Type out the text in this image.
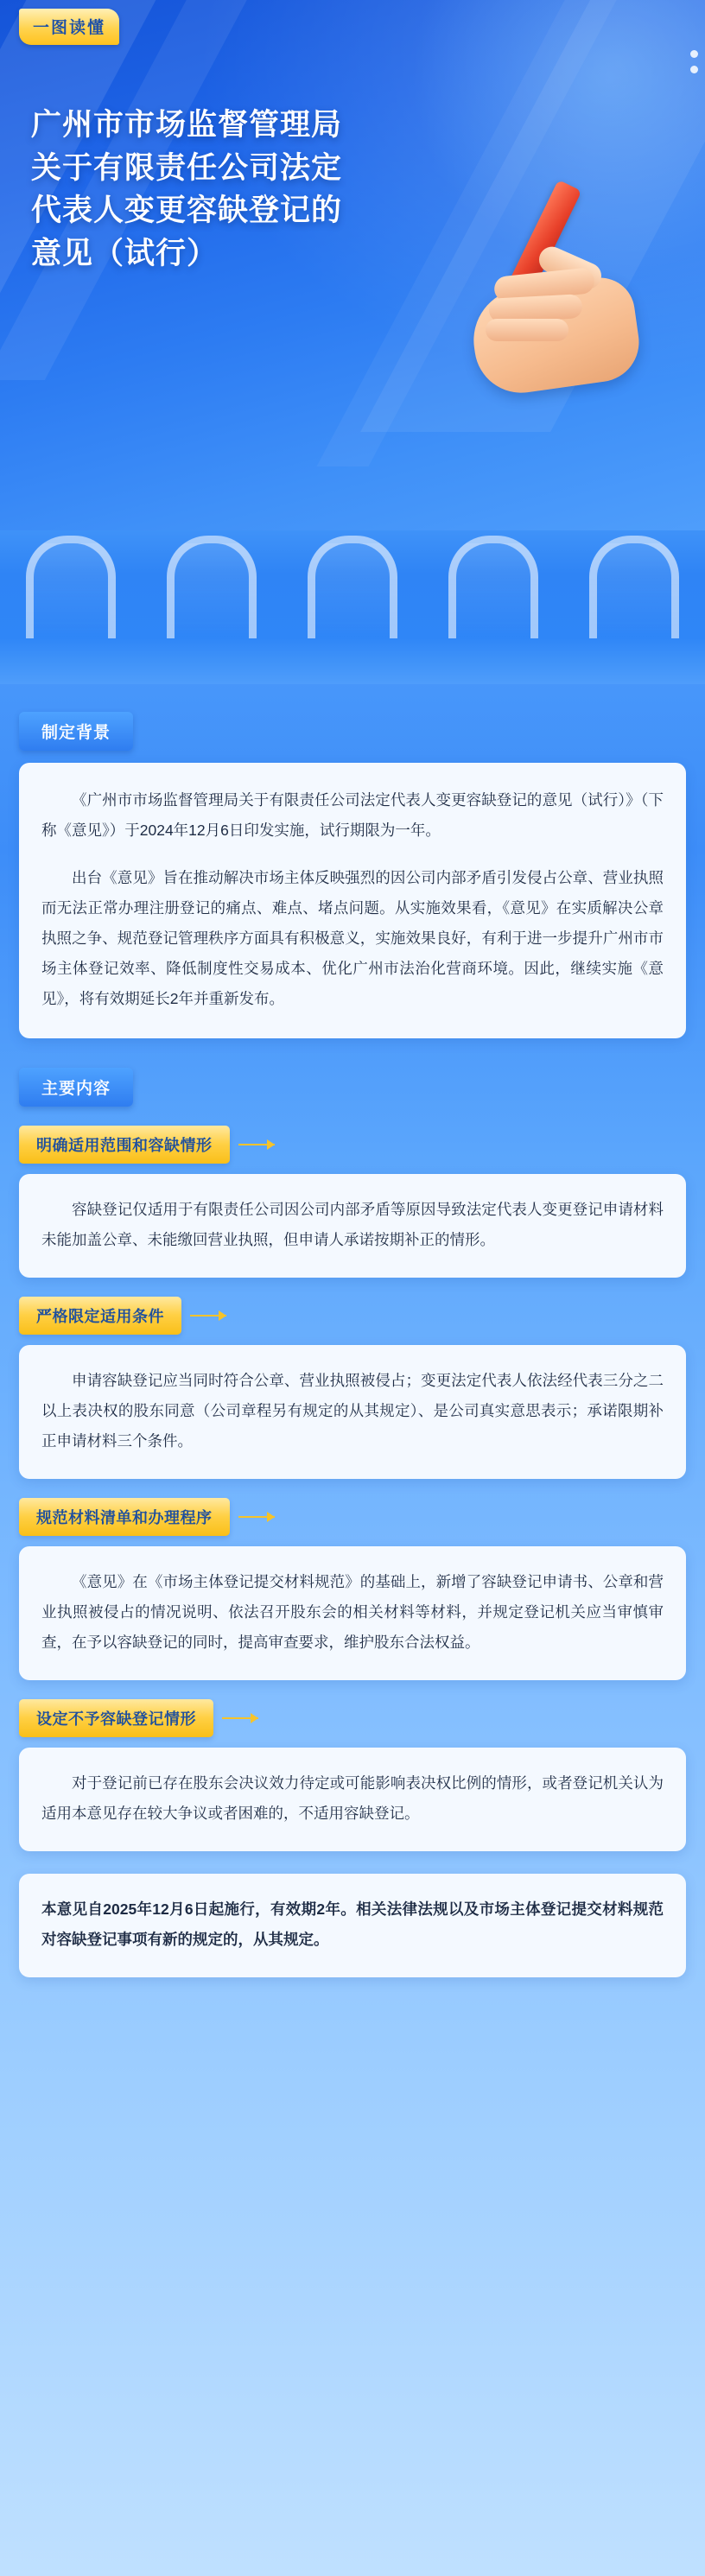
一图读懂
广州市市场监督管理局
关于有限责任公司法定
代表人变更容缺登记的
意见（试行）
制定背景

《广州市市场监督管理局关于有限责任公司法定代表人变更容缺登记的意见（试行）》（下称《意见》）于2024年12月6日印发实施，试行期限为一年。

出台《意见》旨在推动解决市场主体反映强烈的因公司内部矛盾引发侵占公章、营业执照而无法正常办理注册登记的痛点、难点、堵点问题。从实施效果看，《意见》在实质解决公章执照之争、规范登记管理秩序方面具有积极意义，实施效果良好，有利于进一步提升广州市市场主体登记效率、降低制度性交易成本、优化广州市法治化营商环境。因此，继续实施《意见》，将有效期延长2年并重新发布。

主要内容
明确适用范围和容缺情形

容缺登记仅适用于有限责任公司因公司内部矛盾等原因导致法定代表人变更登记申请材料未能加盖公章、未能缴回营业执照，但申请人承诺按期补正的情形。

严格限定适用条件

申请容缺登记应当同时符合公章、营业执照被侵占；变更法定代表人依法经代表三分之二以上表决权的股东同意（公司章程另有规定的从其规定）、是公司真实意思表示；承诺限期补正申请材料三个条件。

规范材料清单和办理程序

《意见》在《市场主体登记提交材料规范》的基础上，新增了容缺登记申请书、公章和营业执照被侵占的情况说明、依法召开股东会的相关材料等材料，并规定登记机关应当审慎审查，在予以容缺登记的同时，提高审查要求，维护股东合法权益。

设定不予容缺登记情形

对于登记前已存在股东会决议效力待定或可能影响表决权比例的情形，或者登记机关认为适用本意见存在较大争议或者困难的，不适用容缺登记。

本意见自2025年12月6日起施行，有效期2年。相关法律法规以及市场主体登记提交材料规范对容缺登记事项有新的规定的，从其规定。
